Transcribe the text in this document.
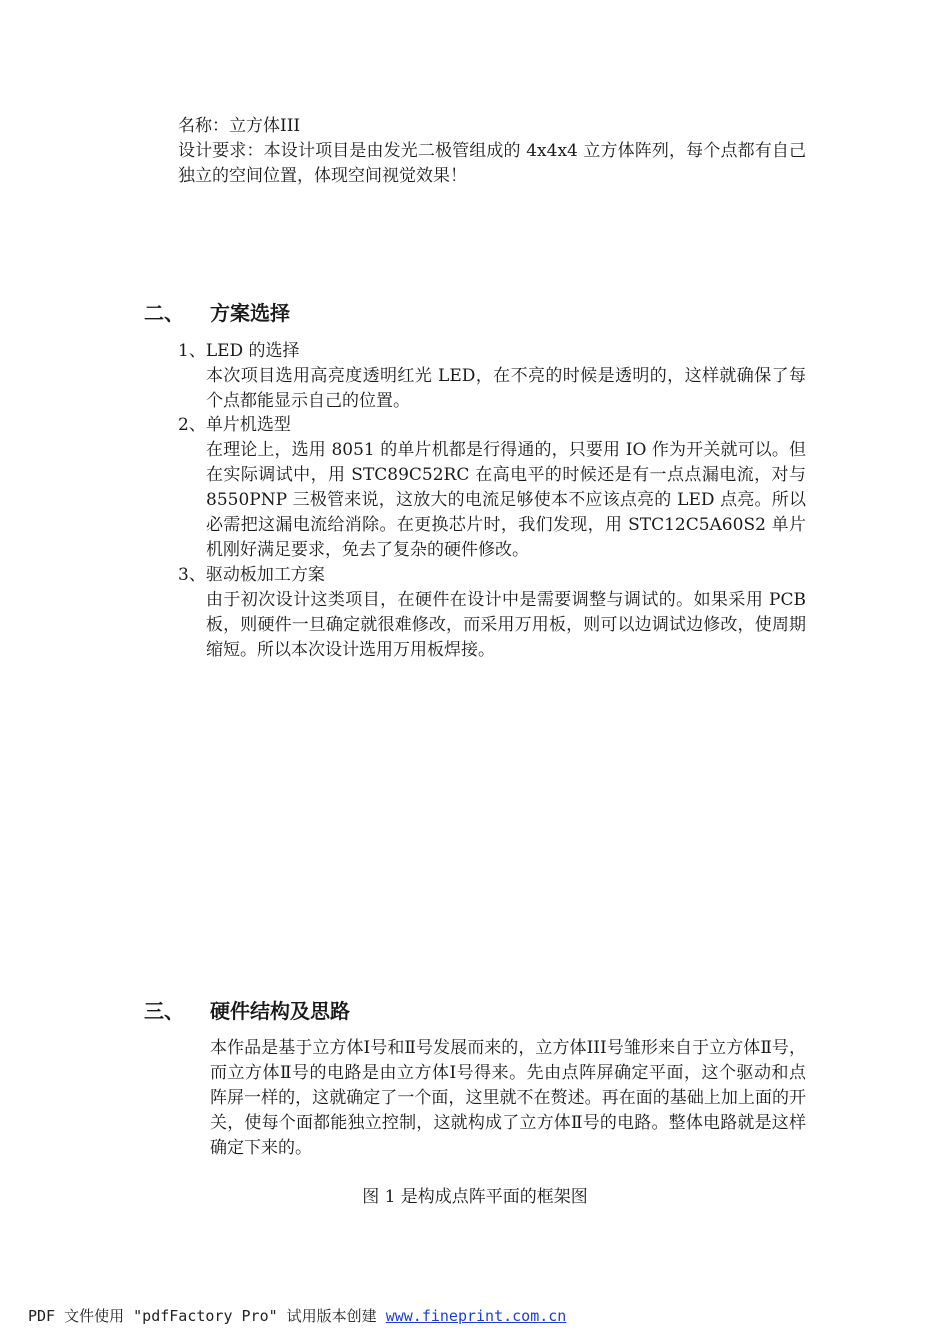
名称：立方体III
设计要求：本设计项目是由发光二极管组成的 4x4x4 立方体阵列，每个点都有自己独立的空间位置，体现空间视觉效果！
二、 方案选择
1、LED 的选择
本次项目选用高亮度透明红光 LED，在不亮的时候是透明的，这样就确保了每个点都能显示自己的位置。
2、单片机选型
在理论上，选用 8051 的单片机都是行得通的，只要用 IO 作为开关就可以。但在实际调试中，用 STC89C52RC 在高电平的时候还是有一点点漏电流，对与 8550PNP 三极管来说，这放大的电流足够使本不应该点亮的 LED 点亮。所以必需把这漏电流给消除。在更换芯片时，我们发现，用 STC12C5A60S2 单片机刚好满足要求，免去了复杂的硬件修改。
3、驱动板加工方案
由于初次设计这类项目，在硬件在设计中是需要调整与调试的。如果采用 PCB 板，则硬件一旦确定就很难修改，而采用万用板，则可以边调试边修改，使周期缩短。所以本次设计选用万用板焊接。
三、 硬件结构及思路
本作品是基于立方体Ⅰ号和Ⅱ号发展而来的，立方体III号雏形来自于立方体Ⅱ号，而立方体Ⅱ号的电路是由立方体Ⅰ号得来。先由点阵屏确定平面，这个驱动和点阵屏一样的，这就确定了一个面，这里就不在赘述。再在面的基础上加上面的开关，使每个面都能独立控制，这就构成了立方体Ⅱ号的电路。整体电路就是这样确定下来的。
图 1 是构成点阵平面的框架图
PDF 文件使用 "pdfFactory Pro" 试用版本创建 www.fineprint.com.cn
